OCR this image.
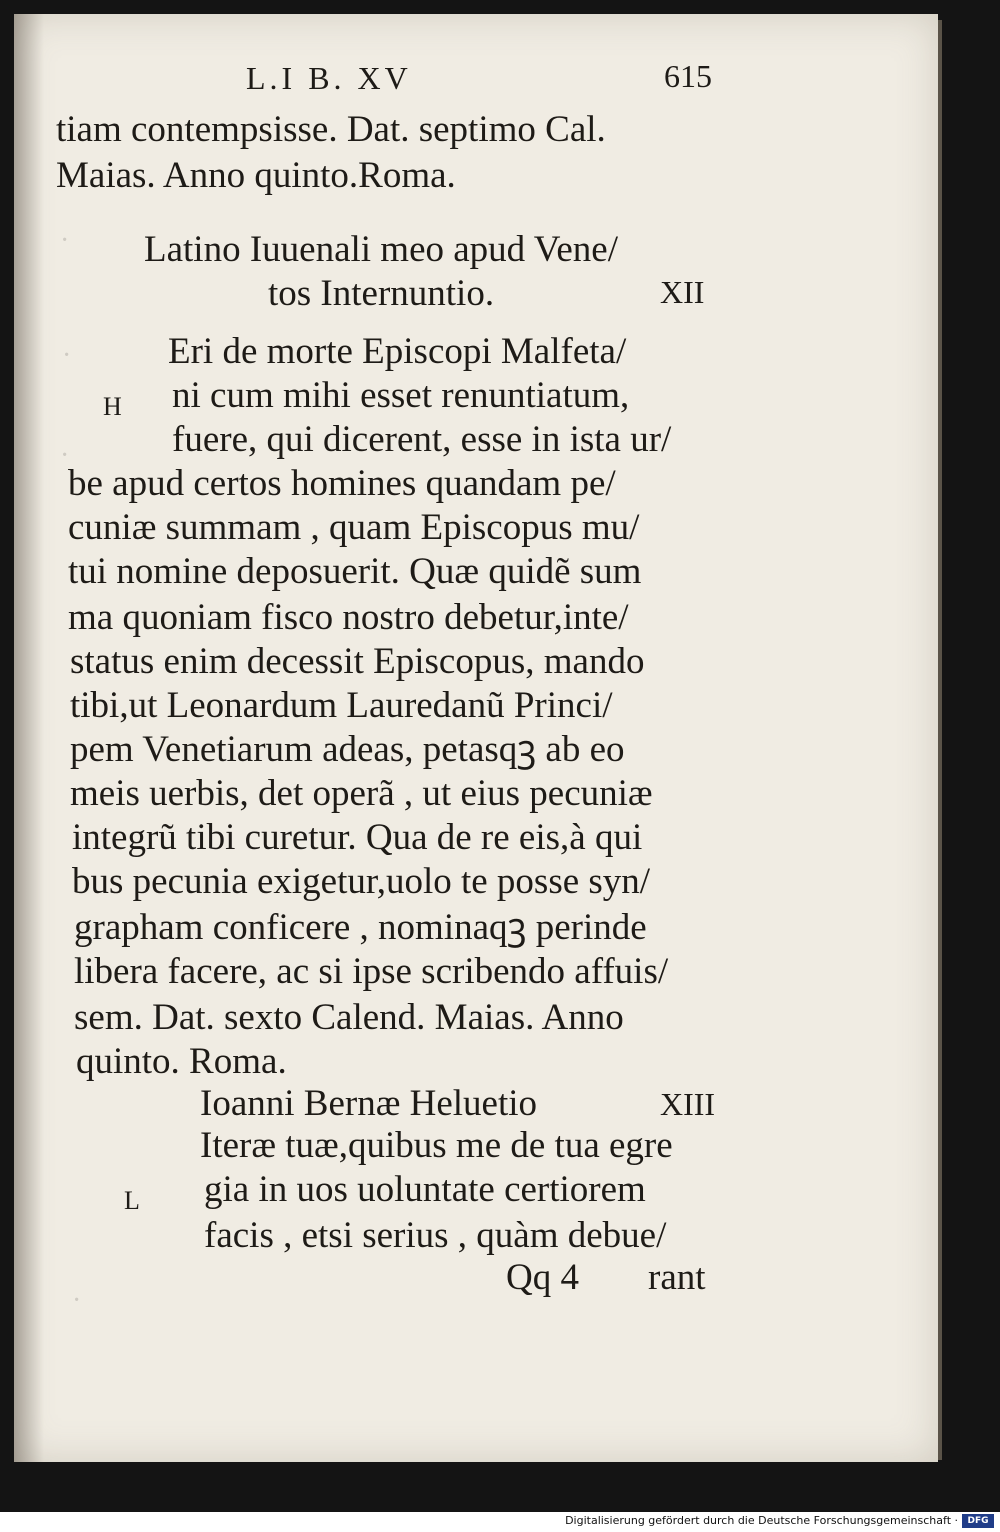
·
·
·
·
L.I B. XV	615
tiam contempsisse. Dat. septimo Cal.
Maias. Anno quinto.Roma.
Latino Iuuenali meo apud Vene/
tos Internuntio.	XII
H
Eri de morte Episcopi Malfeta/
ni cum mihi esset renuntiatum,
fuere, qui dicerent, esse in ista ur/
be apud certos homines quandam pe/
cuniæ summam , quam Episcopus mu/
tui nomine deposuerit. Quæ quidẽ sum
ma quoniam fisco nostro debetur,inte/
status enim decessit Episcopus, mando
tibi,ut Leonardum Lauredanũ Princi/
pem Venetiarum adeas, petasqꝫ ab eo
meis uerbis, det operã , ut eius pecuniæ
integrũ tibi curetur. Qua de re eis,à qui
bus pecunia exigetur,uolo te posse syn/
grapham conficere , nominaqꝫ perinde
libera facere, ac si ipse scribendo affuis/
sem. Dat. sexto Calend. Maias. Anno
quinto. Roma.
Ioanni Bernæ Heluetio	XIII
L
Iteræ tuæ,quibus me de tua egre
gia in uos uoluntate certiorem
facis , etsi serius , quàm debue/
Qq 4 rant
Digitalisierung gefördert durch die Deutsche Forschungsgemeinschaft ·	DFG
